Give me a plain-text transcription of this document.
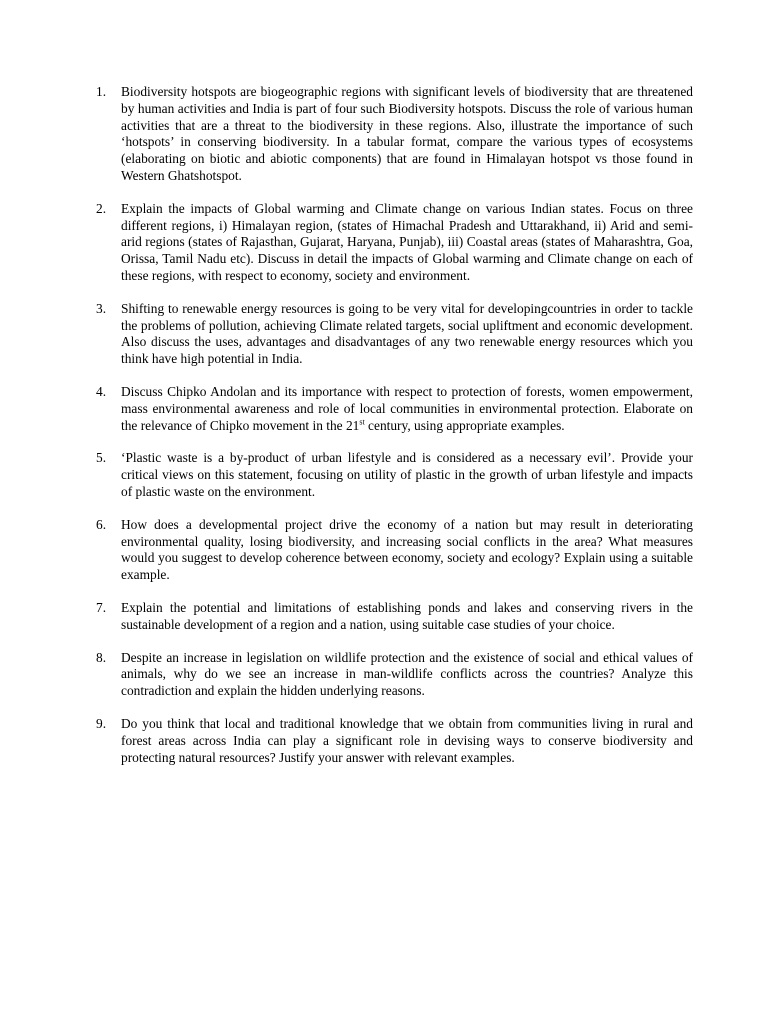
1. Biodiversity hotspots are biogeographic regions with significant levels of biodiversity that are threatened by human activities and India is part of four such Biodiversity hotspots. Discuss the role of various human activities that are a threat to the biodiversity in these regions. Also, illustrate the importance of such ‘hotspots’ in conserving biodiversity. In a tabular format, compare the various types of ecosystems (elaborating on biotic and abiotic components) that are found in Himalayan hotspot vs those found in Western Ghatshotspot.
2. Explain the impacts of Global warming and Climate change on various Indian states. Focus on three different regions, i) Himalayan region, (states of Himachal Pradesh and Uttarakhand, ii) Arid and semi-arid regions (states of Rajasthan, Gujarat, Haryana, Punjab), iii) Coastal areas (states of Maharashtra, Goa, Orissa, Tamil Nadu etc). Discuss in detail the impacts of Global warming and Climate change on each of these regions, with respect to economy, society and environment.
3. Shifting to renewable energy resources is going to be very vital for developingcountries in order to tackle the problems of pollution, achieving Climate related targets, social upliftment and economic development. Also discuss the uses, advantages and disadvantages of any two renewable energy resources which you think have high potential in India.
4. Discuss Chipko Andolan and its importance with respect to protection of forests, women empowerment, mass environmental awareness and role of local communities in environmental protection. Elaborate on the relevance of Chipko movement in the 21st century, using appropriate examples.
5. ‘Plastic waste is a by-product of urban lifestyle and is considered as a necessary evil’. Provide your critical views on this statement, focusing on utility of plastic in the growth of urban lifestyle and impacts of plastic waste on the environment.
6. How does a developmental project drive the economy of a nation but may result in deteriorating environmental quality, losing biodiversity, and increasing social conflicts in the area? What measures would you suggest to develop coherence between economy, society and ecology? Explain using a suitable example.
7. Explain the potential and limitations of establishing ponds and lakes and conserving rivers in the sustainable development of a region and a nation, using suitable case studies of your choice.
8. Despite an increase in legislation on wildlife protection and the existence of social and ethical values of animals, why do we see an increase in man-wildlife conflicts across the countries? Analyze this contradiction and explain the hidden underlying reasons.
9. Do you think that local and traditional knowledge that we obtain from communities living in rural and forest areas across India can play a significant role in devising ways to conserve biodiversity and protecting natural resources? Justify your answer with relevant examples.
